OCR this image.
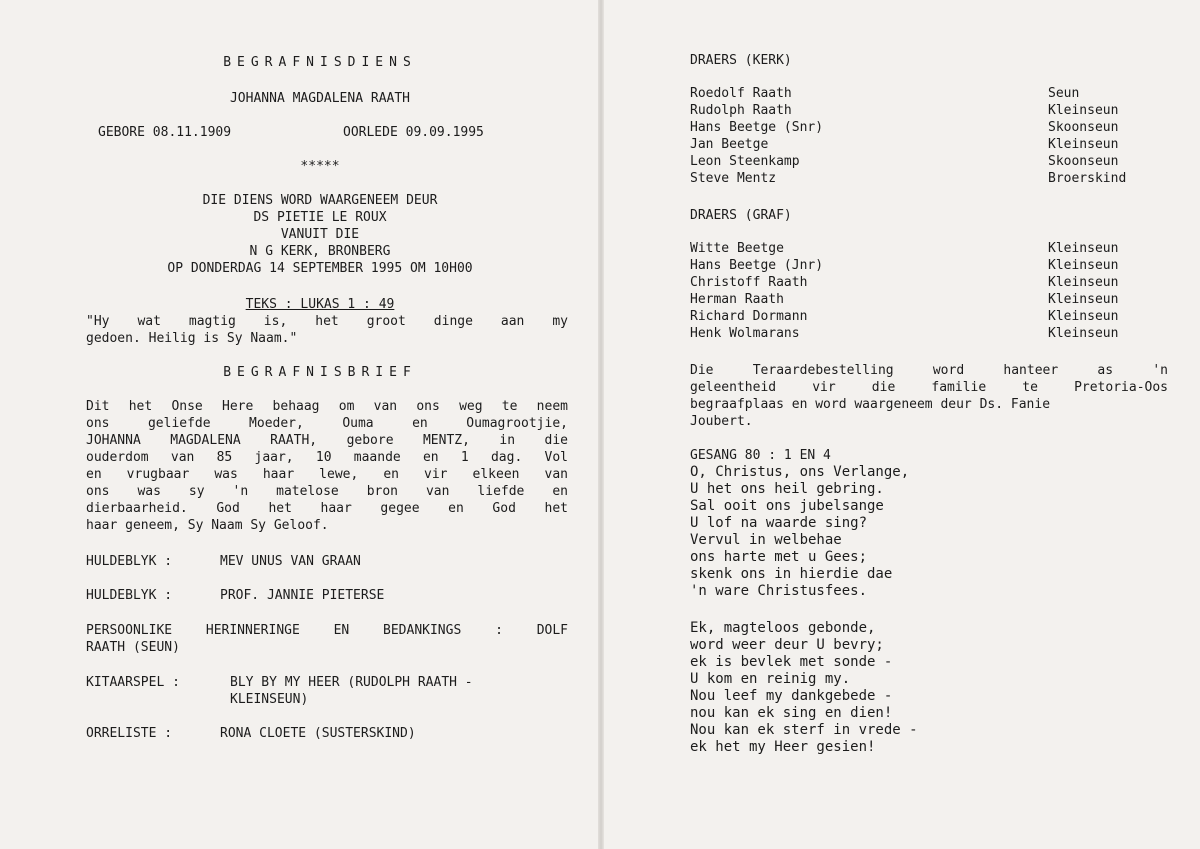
BEGRAFNISDIENS
JOHANNA MAGDALENA RAATH
GEBORE 08.11.1909	OORLEDE 09.09.1995
*****
DIE DIENS WORD WAARGENEEM DEUR
DS PIETIE LE ROUX
VANUIT DIE
N G KERK, BRONBERG
OP DONDERDAG 14 SEPTEMBER 1995 OM 10H00
TEKS : LUKAS 1 : 49
"Hy wat magtig is, het groot dinge aan my
gedoen. Heilig is Sy Naam."
BEGRAFNISBRIEF
Dit het Onse Here behaag om van ons weg te neem
ons geliefde Moeder, Ouma en Oumagrootjie,
JOHANNA MAGDALENA RAATH, gebore MENTZ, in die
ouderdom van 85 jaar, 10 maande en 1 dag. Vol
en vrugbaar was haar lewe, en vir elkeen van
ons was sy 'n matelose bron van liefde en
dierbaarheid. God het haar gegee en God het
haar geneem, Sy Naam Sy Geloof.
HULDEBLYK :	MEV UNUS VAN GRAAN
HULDEBLYK :	PROF. JANNIE PIETERSE
PERSOONLIKE HERINNERINGE EN BEDANKINGS : DOLF
RAATH (SEUN)
KITAARSPEL :	BLY BY MY HEER (RUDOLPH RAATH -
KLEINSEUN)
ORRELISTE :	RONA CLOETE (SUSTERSKIND)
DRAERS (KERK)
Roedolf Raath	Seun
Rudolph Raath	Kleinseun
Hans Beetge (Snr)	Skoonseun
Jan Beetge	Kleinseun
Leon Steenkamp	Skoonseun
Steve Mentz	Broerskind
DRAERS (GRAF)
Witte Beetge	Kleinseun
Hans Beetge (Jnr)	Kleinseun
Christoff Raath	Kleinseun
Herman Raath	Kleinseun
Richard Dormann	Kleinseun
Henk Wolmarans	Kleinseun
Die Teraardebestelling word hanteer as 'n
geleentheid vir die familie te Pretoria-Oos
begraafplaas en word waargeneem deur Ds. Fanie
Joubert.
GESANG 80 : 1 EN 4
O, Christus, ons Verlange,
U het ons heil gebring.
Sal ooit ons jubelsange
U lof na waarde sing?
Vervul in welbehae
ons harte met u Gees;
skenk ons in hierdie dae
'n ware Christusfees.
Ek, magteloos gebonde,
word weer deur U bevry;
ek is bevlek met sonde -
U kom en reinig my.
Nou leef my dankgebede -
nou kan ek sing en dien!
Nou kan ek sterf in vrede -
ek het my Heer gesien!
